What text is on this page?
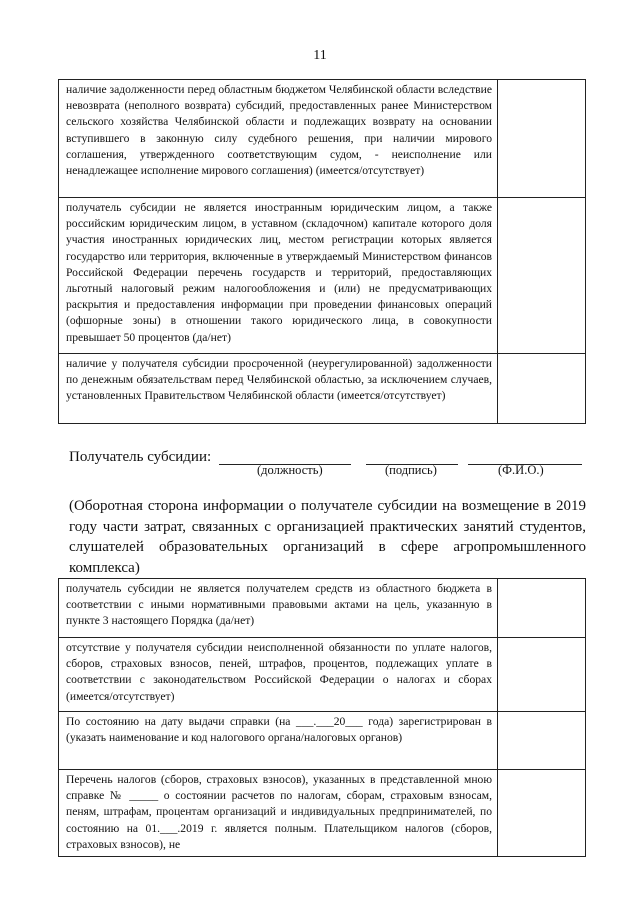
11
наличие задолженности перед областным бюджетом Челябинской области вследствие невозврата (неполного возврата) субсидий, предоставленных ранее Министерством сельского хозяйства Челябинской области и подлежащих возврату на основании вступившего в законную силу судебного решения, при наличии мирового соглашения, утвержденного соответствующим судом, - неисполнение или ненадлежащее исполнение мирового соглашения) (имеется/отсутствует)	
получатель субсидии не является иностранным юридическим лицом, а также российским юридическим лицом, в уставном (складочном) капитале которого доля участия иностранных юридических лиц, местом регистрации которых является государство или территория, включенные в утверждаемый Министерством финансов Российской Федерации перечень государств и территорий, предоставляющих льготный налоговый режим налогообложения и (или) не предусматривающих раскрытия и предоставления информации при проведении финансовых операций (офшорные зоны) в отношении такого юридического лица, в совокупности превышает 50 процентов (да/нет)	
наличие у получателя субсидии просроченной (неурегулированной) задолженности по денежным обязательствам перед Челябинской областью, за исключением случаев, установленных Правительством Челябинской области (имеется/отсутствует)	
Получатель субсидии:
(должность)	(подпись)	(Ф.И.О.)
(Оборотная сторона информации о получателе субсидии на возмещение в 2019 году части затрат, связанных с организацией практических занятий студентов, слушателей образовательных организаций в сфере агропромышленного комплекса)
получатель субсидии не является получателем средств из областного бюджета в соответствии с иными нормативными правовыми актами на цель, указанную в пункте 3 настоящего Порядка (да/нет)	
отсутствие у получателя субсидии неисполненной обязанности по уплате налогов, сборов, страховых взносов, пеней, штрафов, процентов, подлежащих уплате в соответствии с законодательством Российской Федерации о налогах и сборах (имеется/отсутствует)	
По состоянию на дату выдачи справки (на ___.___20___ года) зарегистрирован в (указать наименование и код налогового органа/налоговых органов)	
Перечень налогов (сборов, страховых взносов), указанных в представленной мною справке № _____ о состоянии расчетов по налогам, сборам, страховым взносам, пеням, штрафам, процентам организаций и индивидуальных предпринимателей, по состоянию на 01.___.2019 г. является полным. Плательщиком налогов (сборов, страховых взносов), не	
